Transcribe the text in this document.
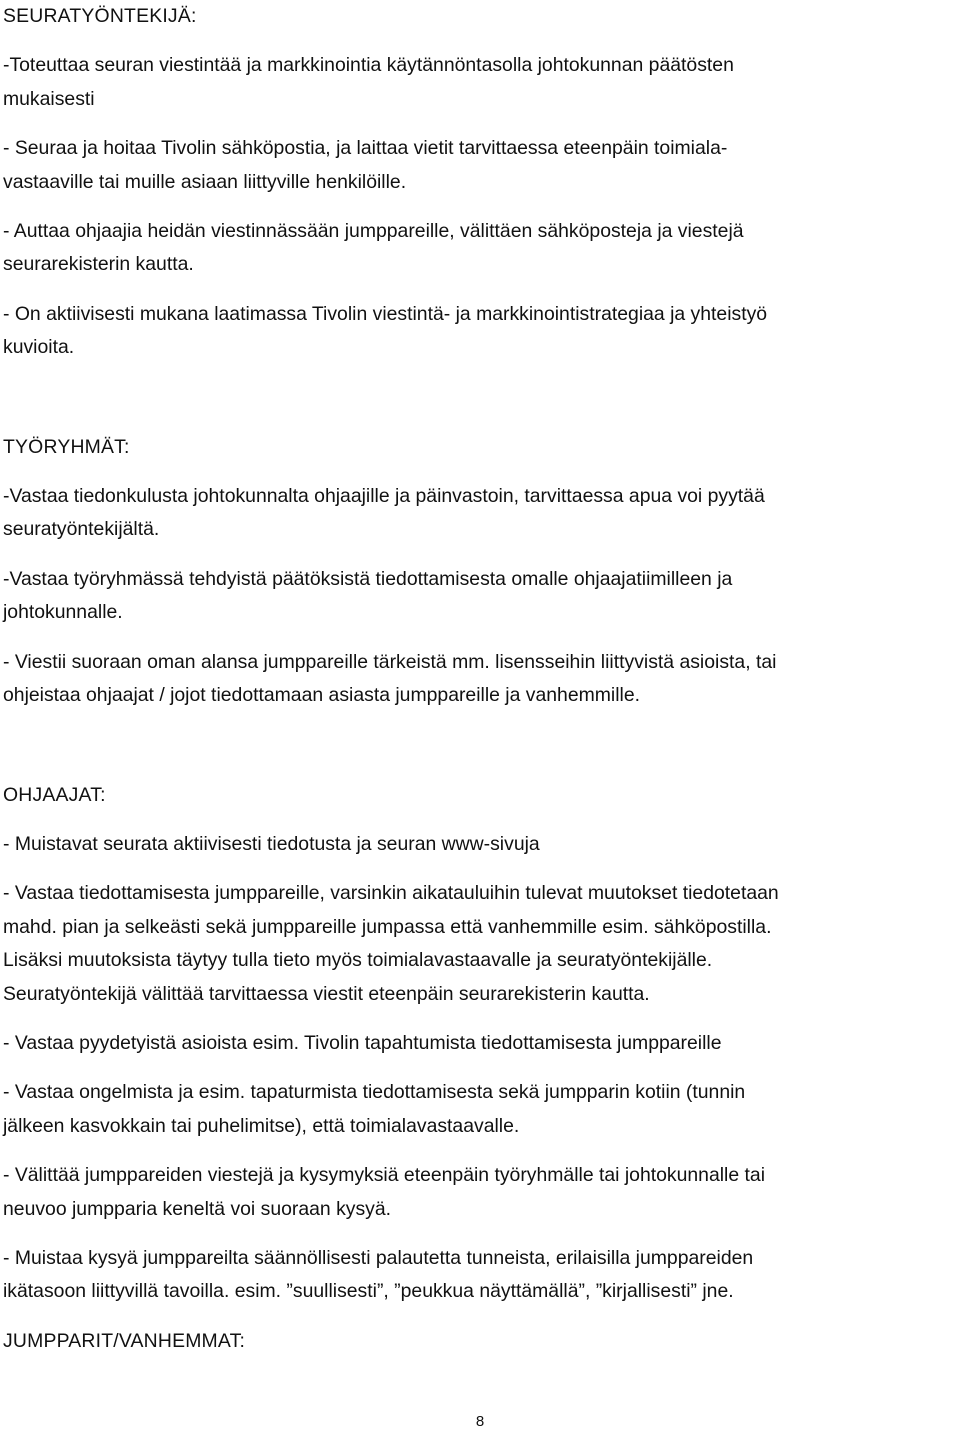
SEURATYÖNTEKIJÄ:

-Toteuttaa seuran viestintää ja markkinointia käytännöntasolla johtokunnan päätösten

mukaisesti

- Seuraa ja hoitaa Tivolin sähköpostia, ja laittaa vietit tarvittaessa eteenpäin toimiala-

vastaaville tai muille asiaan liittyville henkilöille.

- Auttaa ohjaajia heidän viestinnässään jumppareille, välittäen sähköposteja ja viestejä

seurarekisterin kautta.

- On aktiivisesti mukana laatimassa Tivolin viestintä- ja markkinointistrategiaa ja yhteistyö

kuvioita.

TYÖRYHMÄT:

-Vastaa tiedonkulusta johtokunnalta ohjaajille ja päinvastoin, tarvittaessa apua voi pyytää

seuratyöntekijältä.

-Vastaa työryhmässä tehdyistä päätöksistä tiedottamisesta omalle ohjaajatiimilleen ja

johtokunnalle.

- Viestii suoraan oman alansa jumppareille tärkeistä mm. lisensseihin liittyvistä asioista, tai

ohjeistaa ohjaajat / jojot tiedottamaan asiasta jumppareille ja vanhemmille.

OHJAAJAT:

- Muistavat seurata aktiivisesti tiedotusta ja seuran www-sivuja

- Vastaa tiedottamisesta jumppareille, varsinkin aikatauluihin tulevat muutokset tiedotetaan

mahd. pian ja selkeästi sekä jumppareille jumpassa että vanhemmille esim. sähköpostilla.

Lisäksi muutoksista täytyy tulla tieto myös toimialavastaavalle ja seuratyöntekijälle.

Seuratyöntekijä välittää tarvittaessa viestit eteenpäin seurarekisterin kautta.

- Vastaa pyydetyistä asioista esim. Tivolin tapahtumista tiedottamisesta jumppareille

- Vastaa ongelmista ja esim. tapaturmista tiedottamisesta sekä jumpparin kotiin (tunnin

jälkeen kasvokkain tai puhelimitse), että toimialavastaavalle.

- Välittää jumppareiden viestejä ja kysymyksiä eteenpäin työryhmälle tai johtokunnalle tai

neuvoo jumpparia keneltä voi suoraan kysyä.

- Muistaa kysyä jumppareilta säännöllisesti palautetta tunneista, erilaisilla jumppareiden

ikätasoon liittyvillä tavoilla. esim. ”suullisesti”, ”peukkua näyttämällä”, ”kirjallisesti” jne.

JUMPPARIT/VANHEMMAT:

8
